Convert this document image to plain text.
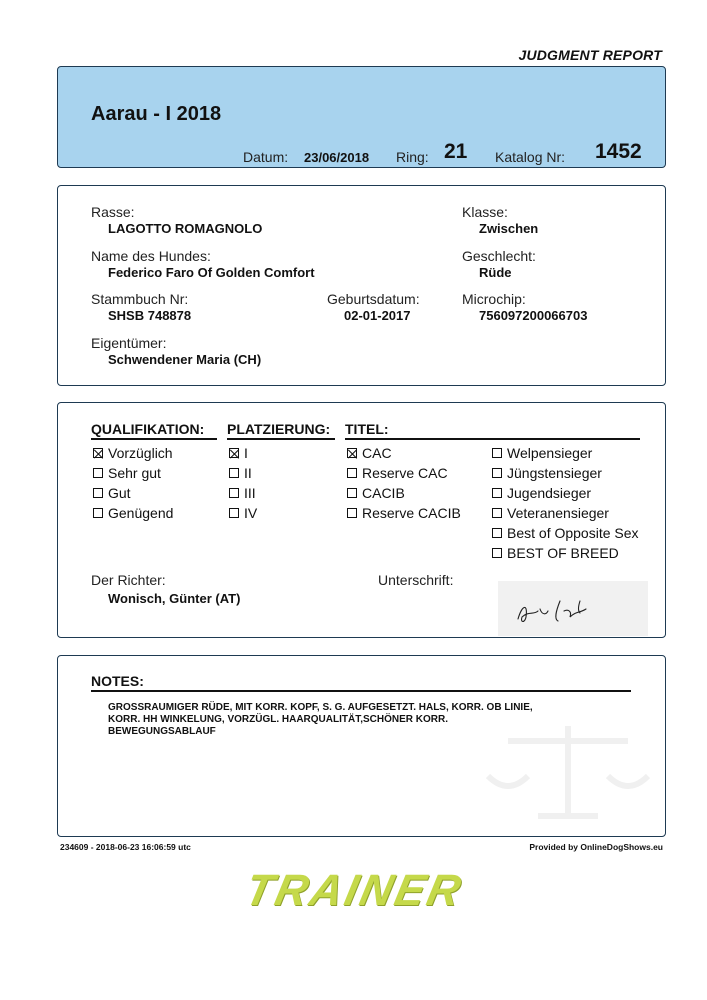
JUDGMENT REPORT
Aarau - I 2018
Datum: 23/06/2018 Ring: 21 Katalog Nr: 1452
Rasse:
LAGOTTO ROMAGNOLO
Klasse:
Zwischen
Name des Hundes:
Federico Faro Of Golden Comfort
Geschlecht:
Rüde
Stammbuch Nr:
SHSB 748878
Geburtsdatum:
02-01-2017
Microchip:
756097200066703
Eigentümer:
Schwendener Maria (CH)
QUALIFIKATION: PLATZIERUNG: TITEL:
Vorzüglich
Sehr gut
Gut
Genügend
I
II
III
IV
CAC
Reserve CAC
CACIB
Reserve CACIB
Welpensieger
Jüngstensieger
Jugendsieger
Veteranensieger
Best of Opposite Sex
BEST OF BREED
Der Richter:
Wonisch, Günter (AT)
Unterschrift:
NOTES:
GROSSRAUMIGER RÜDE, MIT KORR. KOPF, S. G. AUFGESETZT. HALS, KORR. OB LINIE,
KORR. HH WINKELUNG, VORZÜGL. HAARQUALITÄT,SCHÖNER KORR.
BEWEGUNGSABLAUF
234609 - 2018-06-23 16:06:59 utc	Provided by OnlineDogShows.eu
TRAINER
